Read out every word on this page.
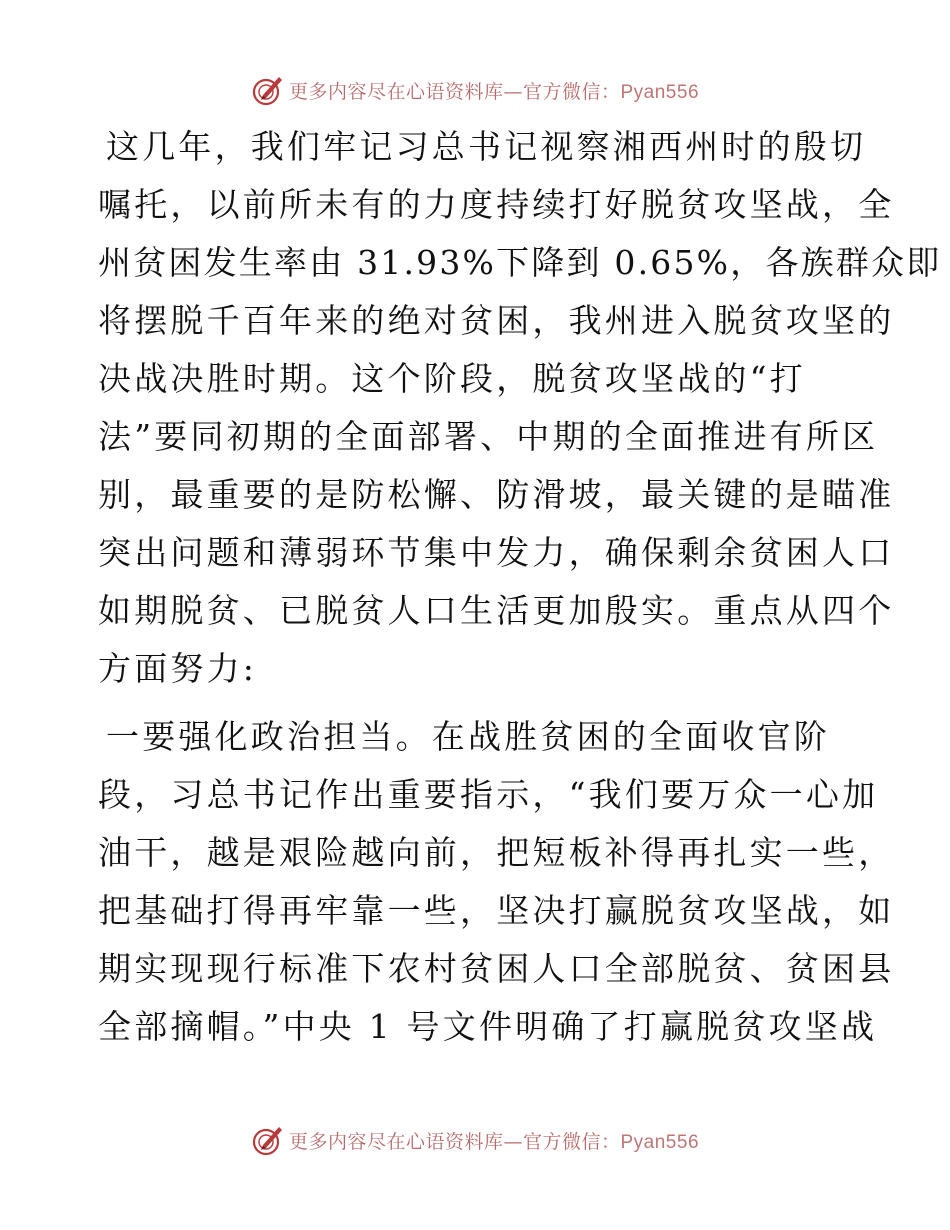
更多内容尽在心语资料库—官方微信：Pyan556
这几年，我们牢记习总书记视察湘西州时的殷切
嘱托，以前所未有的力度持续打好脱贫攻坚战，全
州贫困发生率由 31.93%下降到 0.65%，各族群众即
将摆脱千百年来的绝对贫困，我州进入脱贫攻坚的
决战决胜时期。这个阶段，脱贫攻坚战的“打
法”要同初期的全面部署、中期的全面推进有所区
别，最重要的是防松懈、防滑坡，最关键的是瞄准
突出问题和薄弱环节集中发力，确保剩余贫困人口
如期脱贫、已脱贫人口生活更加殷实。重点从四个
方面努力:
一要强化政治担当。在战胜贫困的全面收官阶
段，习总书记作出重要指示，“我们要万众一心加
油干，越是艰险越向前，把短板补得再扎实一些，
把基础打得再牢靠一些，坚决打赢脱贫攻坚战，如
期实现现行标准下农村贫困人口全部脱贫、贫困县
全部摘帽。”中央 1 号文件明确了打赢脱贫攻坚战
更多内容尽在心语资料库—官方微信：Pyan556
